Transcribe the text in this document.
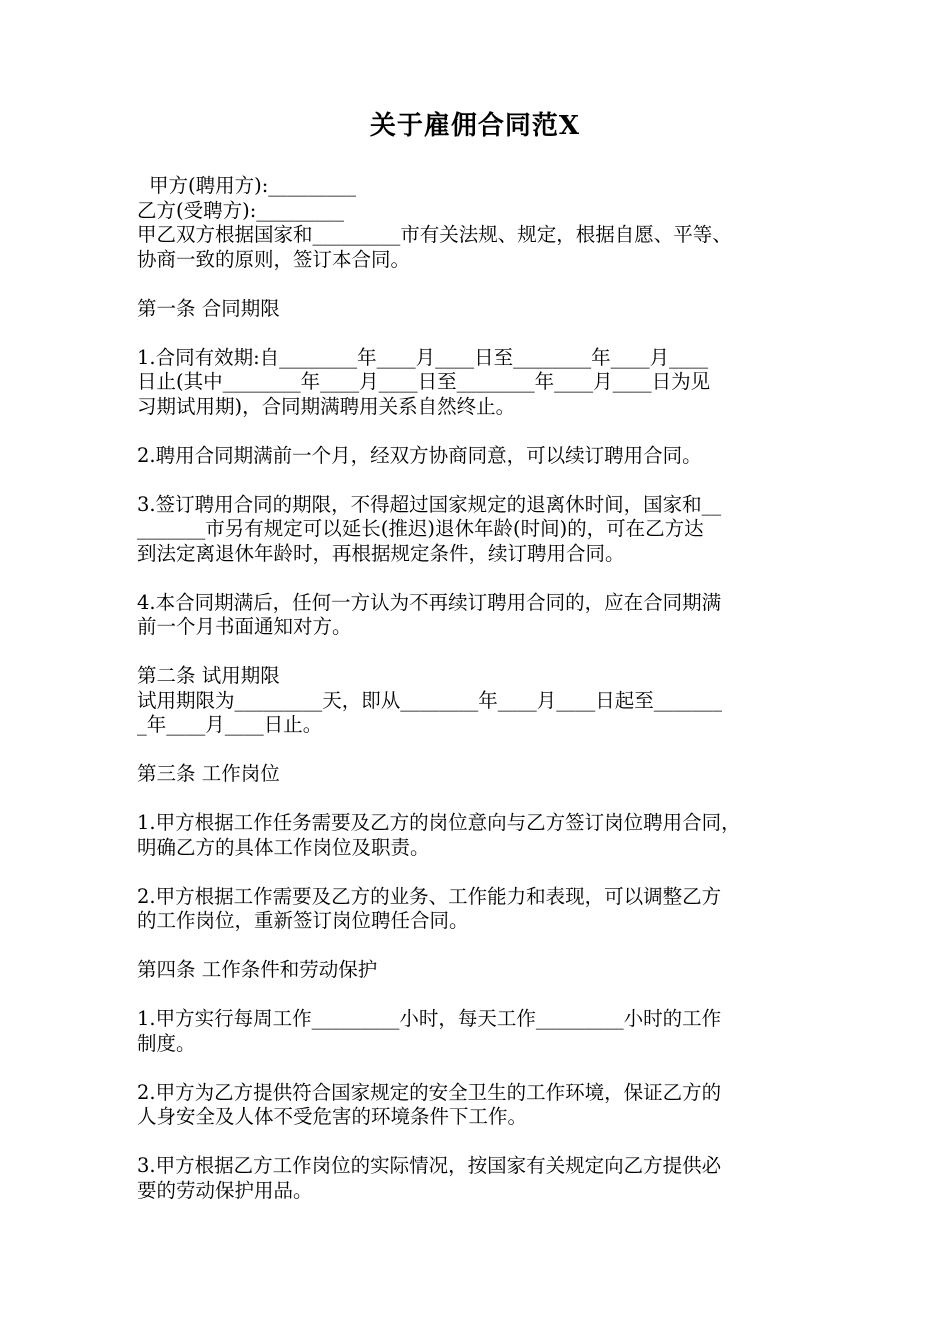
关于雇佣合同范X

甲方(聘用方):_________

乙方(受聘方):_________

甲乙双方根据国家和_________市有关法规、规定，根据自愿、平等、

协商一致的原则，签订本合同。

第一条 合同期限

1.合同有效期:自________年____月____日至________年____月____

日止(其中________年____月____日至________年____月____日为见

习期试用期)，合同期满聘用关系自然终止。

2.聘用合同期满前一个月，经双方协商同意，可以续订聘用合同。

3.签订聘用合同的期限，不得超过国家规定的退离休时间，国家和__

_______市另有规定可以延长(推迟)退休年龄(时间)的，可在乙方达

到法定离退休年龄时，再根据规定条件，续订聘用合同。

4.本合同期满后，任何一方认为不再续订聘用合同的，应在合同期满

前一个月书面通知对方。

第二条 试用期限

试用期限为_________天，即从________年____月____日起至_______

_年____月____日止。

第三条 工作岗位

1.甲方根据工作任务需要及乙方的岗位意向与乙方签订岗位聘用合同，

明确乙方的具体工作岗位及职责。

2.甲方根据工作需要及乙方的业务、工作能力和表现，可以调整乙方

的工作岗位，重新签订岗位聘任合同。

第四条 工作条件和劳动保护

1.甲方实行每周工作_________小时，每天工作_________小时的工作

制度。

2.甲方为乙方提供符合国家规定的安全卫生的工作环境，保证乙方的

人身安全及人体不受危害的环境条件下工作。

3.甲方根据乙方工作岗位的实际情况，按国家有关规定向乙方提供必

要的劳动保护用品。
